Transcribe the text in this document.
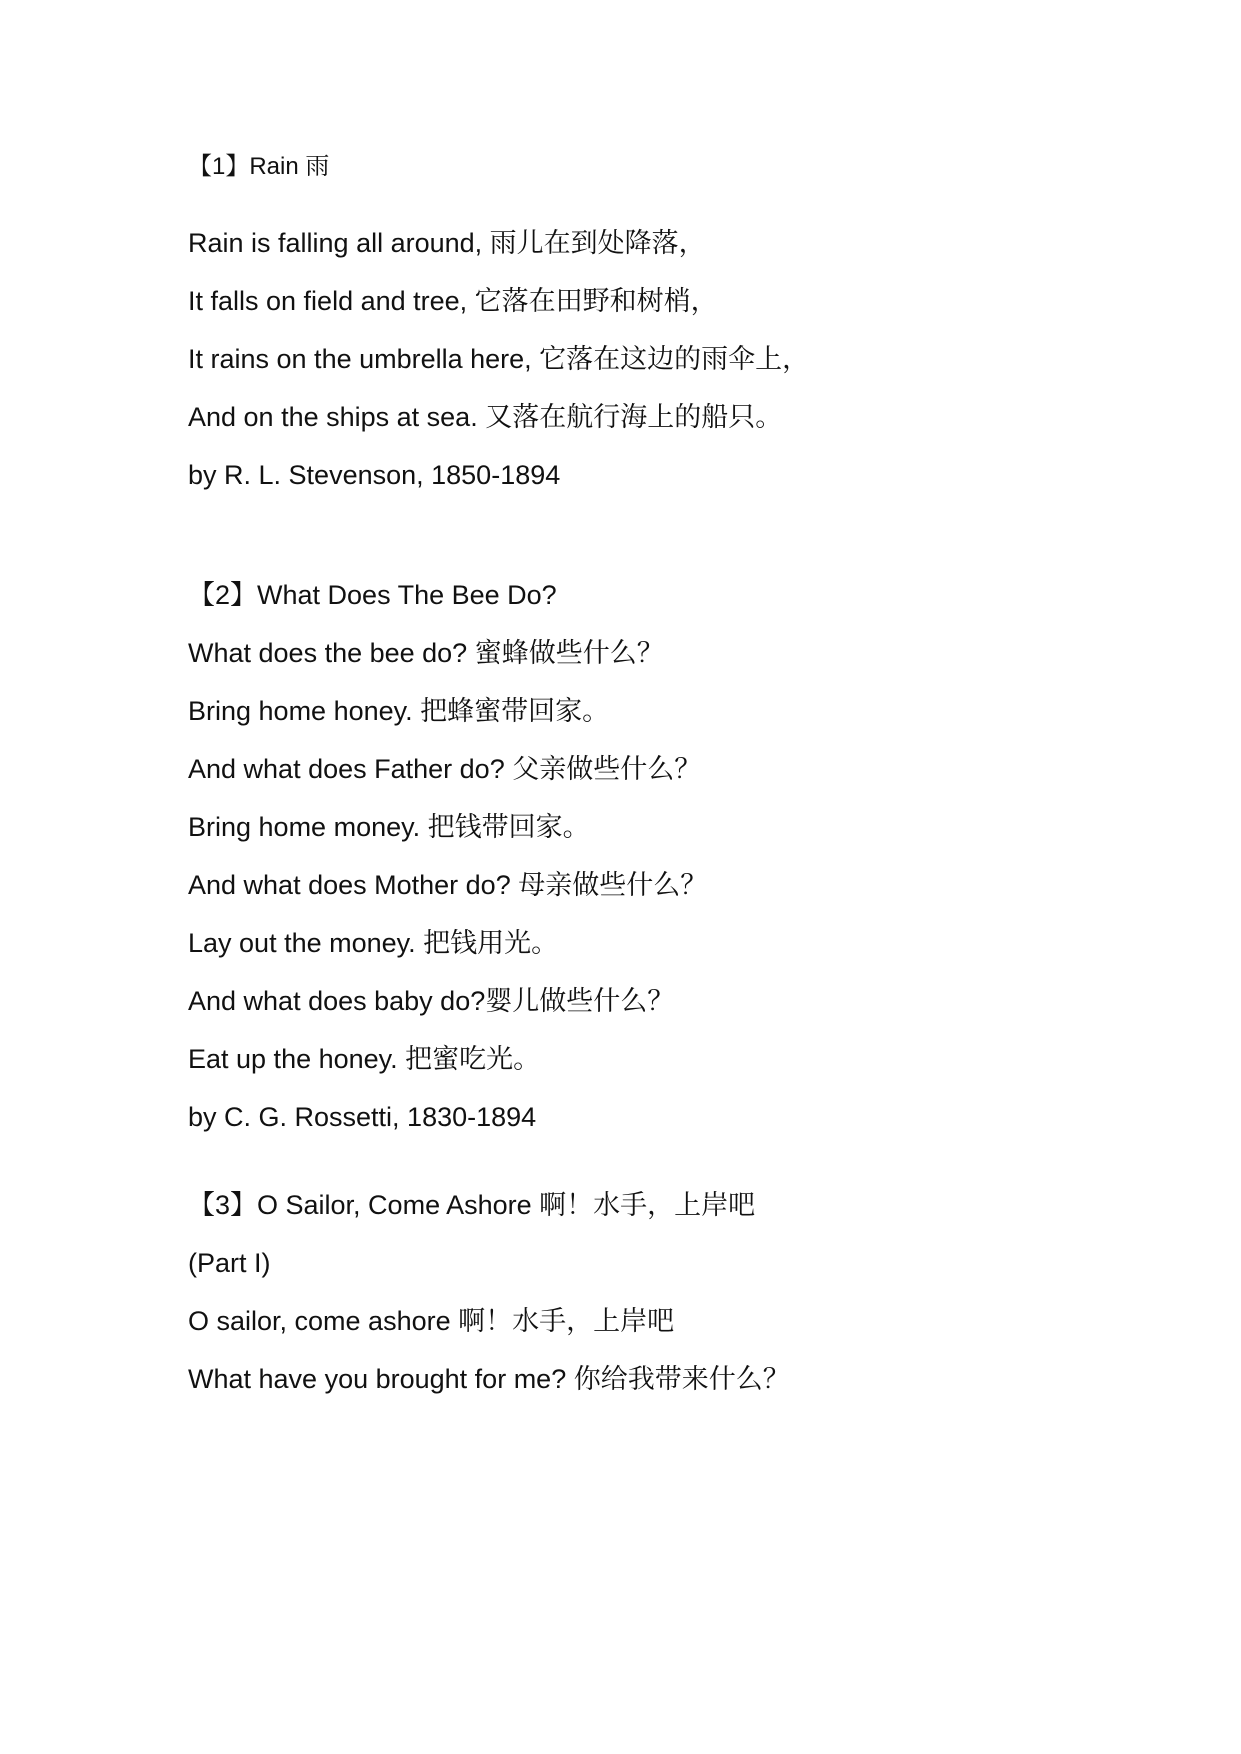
【1】Rain 雨
Rain is falling all around, 雨儿在到处降落，
It falls on field and tree, 它落在田野和树梢，
It rains on the umbrella here, 它落在这边的雨伞上，
And on the ships at sea. 又落在航行海上的船只。
by R. L. Stevenson, 1850-1894
【2】What Does The Bee Do?
What does the bee do? 蜜蜂做些什么？
Bring home honey. 把蜂蜜带回家。
And what does Father do? 父亲做些什么？
Bring home money. 把钱带回家。
And what does Mother do? 母亲做些什么？
Lay out the money. 把钱用光。
And what does baby do?婴儿做些什么？
Eat up the honey. 把蜜吃光。
by C. G. Rossetti, 1830-1894
【3】O Sailor, Come Ashore 啊！水手，上岸吧
(Part I)
O sailor, come ashore 啊！水手，上岸吧
What have you brought for me? 你给我带来什么？
